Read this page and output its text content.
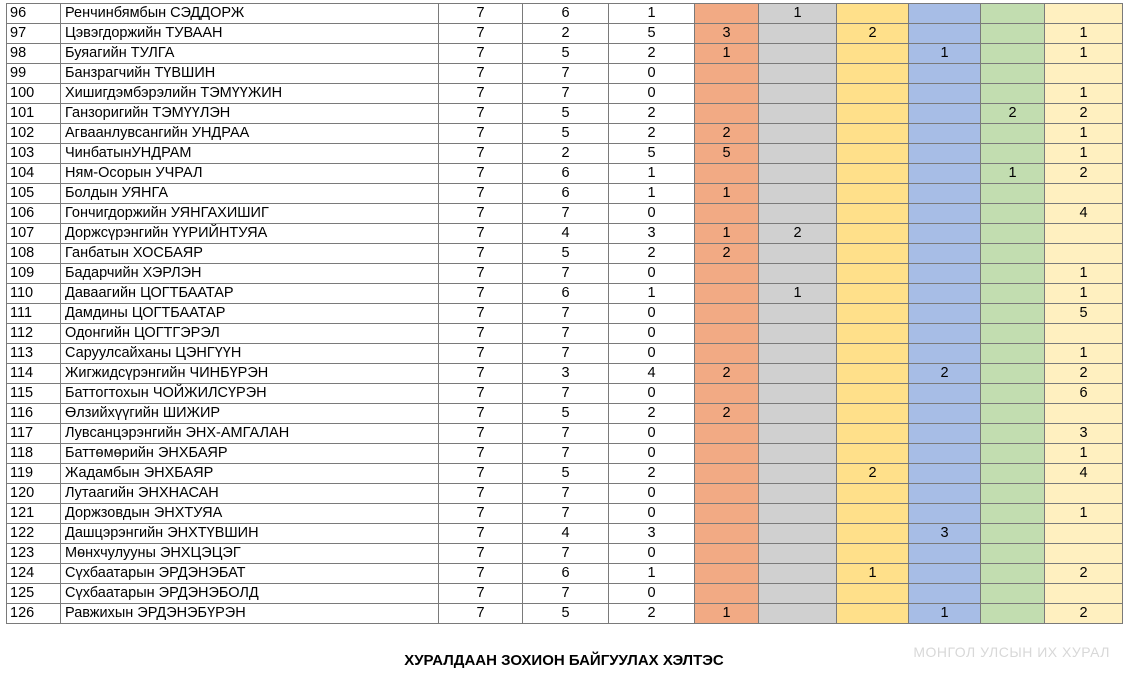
96	Ренчинбямбын СЭДДОРЖ	7	6	1		1				
97	Цэвэгдоржийн ТУВААН	7	2	5	3		2			1
98	Буяагийн ТУЛГА	7	5	2	1			1		1
99	Банзрагчийн ТҮВШИН	7	7	0						
100	Хишигдэмбэрэлийн ТЭМҮҮЖИН	7	7	0						1
101	Ганзоригийн ТЭМҮҮЛЭН	7	5	2					2	2
102	Агваанлувсангийн УНДРАА	7	5	2	2					1
103	ЧинбатынУНДРАМ	7	2	5	5					1
104	Ням-Осорын УЧРАЛ	7	6	1					1	2
105	Болдын УЯНГА	7	6	1	1					
106	Гончигдоржийн УЯНГАХИШИГ	7	7	0						4
107	Доржсүрэнгийн ҮҮРИЙНТУЯА	7	4	3	1	2				
108	Ганбатын ХОСБАЯР	7	5	2	2					
109	Бадарчийн ХЭРЛЭН	7	7	0						1
110	Даваагийн ЦОГТБААТАР	7	6	1		1				1
111	Дамдины ЦОГТБААТАР	7	7	0						5
112	Одонгийн ЦОГТГЭРЭЛ	7	7	0						
113	Саруулсайханы ЦЭНГҮҮН	7	7	0						1
114	Жигжидсүрэнгийн ЧИНБҮРЭН	7	3	4	2			2		2
115	Баттогтохын ЧОЙЖИЛСҮРЭН	7	7	0						6
116	Өлзийхүүгийн ШИЖИР	7	5	2	2					
117	Лувсанцэрэнгийн ЭНХ-АМГАЛАН	7	7	0						3
118	Баттөмөрийн ЭНХБАЯР	7	7	0						1
119	Жадамбын ЭНХБАЯР	7	5	2			2			4
120	Лутаагийн ЭНХНАСАН	7	7	0						
121	Доржзовдын ЭНХТУЯА	7	7	0						1
122	Дашцэрэнгийн ЭНХТҮВШИН	7	4	3				3		
123	Мөнхчулууны ЭНХЦЭЦЭГ	7	7	0						
124	Сүхбаатарын ЭРДЭНЭБАТ	7	6	1			1			2
125	Сүхбаатарын ЭРДЭНЭБОЛД	7	7	0						
126	Равжихын ЭРДЭНЭБҮРЭН	7	5	2	1			1		2
ХУРАЛДААН ЗОХИОН БАЙГУУЛАХ ХЭЛТЭС	МОНГОЛ УЛСЫН ИХ ХУРАЛ
